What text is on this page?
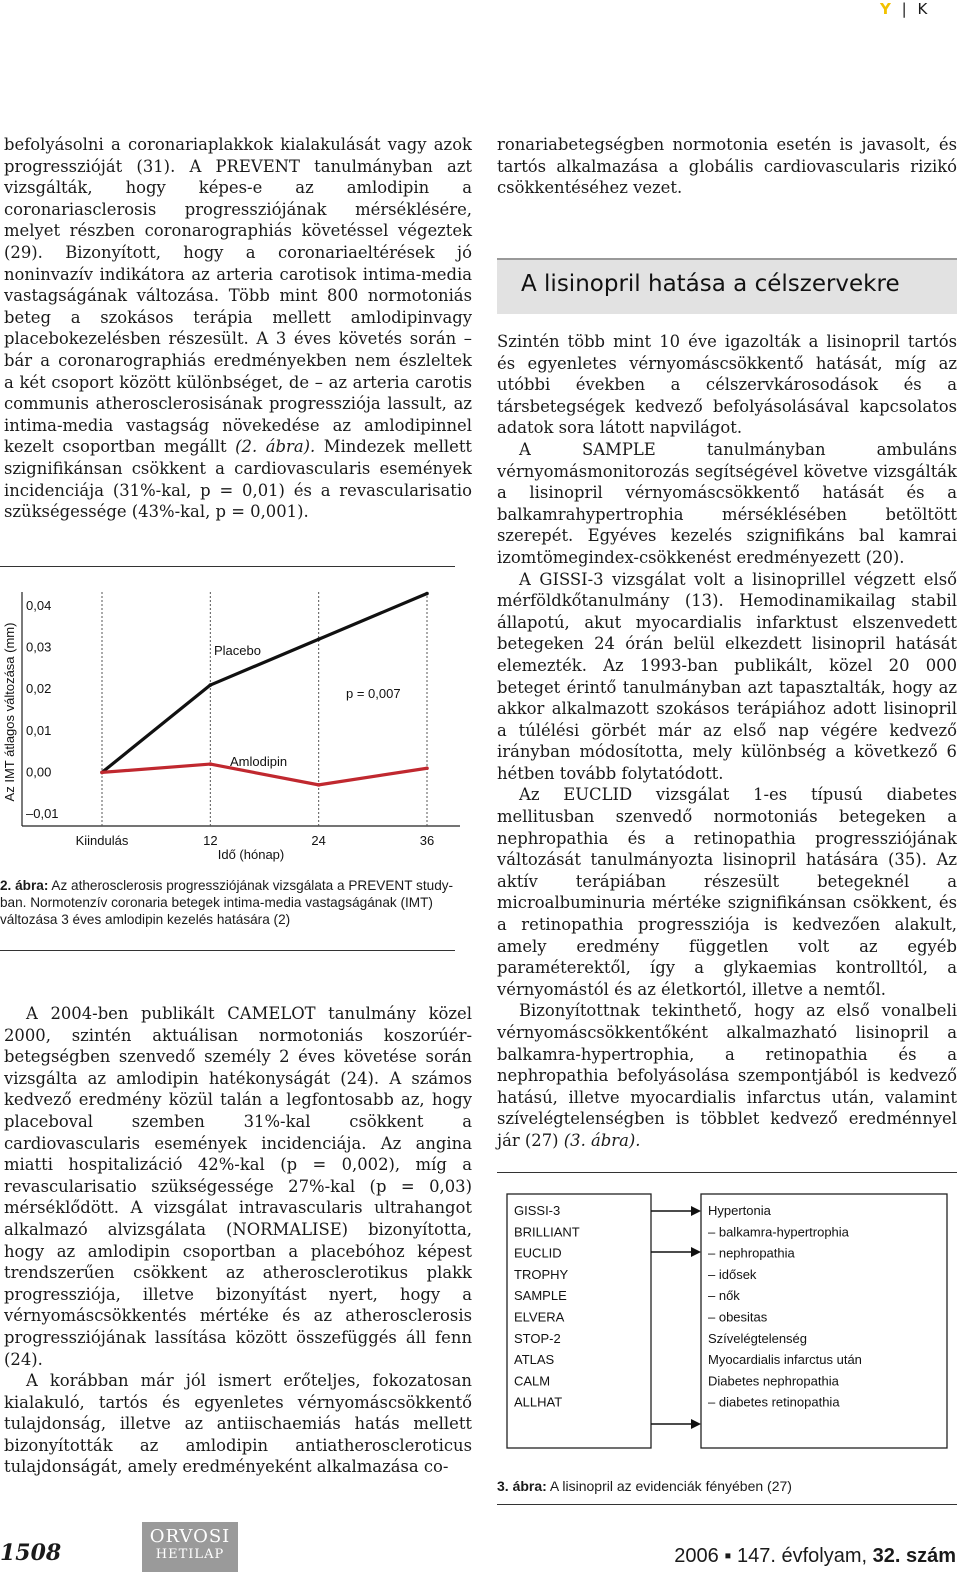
Y | K

befolyásolni a coronariaplakkok kialakulását vagy azok progresszióját (31). A PREVENT tanulmányban azt vizsgálták, hogy képes-e az amlodipin a coronariasclerosis progressziójának mérséklésére, melyet részben coronarographiás követéssel végeztek (29). Bizonyított, hogy a coronariaeltérések jó noninvazív indikátora az arteria carotisok intima-media vastagságának változása. Több mint 800 normotoniás beteg a szokásos terápia mellett amlodipinvagy placebokezelésben részesült. A 3 éves követés során – bár a coronarographiás eredményekben nem észleltek a két csoport között különbséget, de – az arteria carotis communis atherosclerosisának progressziója lassult, az intima-media vastagság növekedése az amlodipinnel kezelt csoportban megállt (2. ábra). Mindezek mellett szignifikánsan csökkent a cardiovascularis események incidenciája (31%-kal, p = 0,01) és a revascularisatio szükségessége (43%-kal, p = 0,001).

0,04
0,03
0,02
0,01
0,00
–0,01
Az IMT átlagos változása (mm)
Kiindulás	12	24	36
Idő (hónap)
Placebo
Amlodipin
p = 0,007
2. ábra: Az atherosclerosis progressziójának vizsgálata a PREVENT study-ban. Normotenzív coronaria betegek intima-media vastagságának (IMT) változása 3 éves amlodipin kezelés hatására (2)

A 2004-ben publikált CAMELOT tanulmány közel 2000, szintén aktuálisan normotoniás koszorúér-betegségben szenvedő személy 2 éves követése során vizsgálta az amlodipin hatékonyságát (24). A számos kedvező eredmény közül talán a legfontosabb az, hogy placeboval szemben 31%-kal csökkent a cardiovascularis események incidenciája. Az angina miatti hospitalizáció 42%-kal (p = 0,002), míg a revascularisatio szükségessége 27%-kal (p = 0,03) mérséklődött. A vizsgálat intravascularis ultrahangot alkalmazó alvizsgálata (NORMALISE) bizonyította, hogy az amlodipin csoportban a placebóhoz képest trendszerűen csökkent az atherosclerotikus plakk progressziója, illetve bizonyítást nyert, hogy a vérnyomáscsökkentés mértéke és az atherosclerosis progressziójának lassítása között összefüggés áll fenn (24).

A korábban már jól ismert erőteljes, fokozatosan kialakuló, tartós és egyenletes vérnyomáscsökkentő tulajdonság, illetve az antiischaemiás hatás mellett bizonyították az amlodipin antiatheroscleroticus tulajdonságát, amely eredményeként alkalmazása co-

ronariabetegségben normotonia esetén is javasolt, és tartós alkalmazása a globális cardiovascularis rizikó csökkentéséhez vezet.

A lisinopril hatása a célszervekre

Szintén több mint 10 éve igazolták a lisinopril tartós és egyenletes vérnyomáscsökkentő hatását, míg az utóbbi években a célszervkárosodások és a társbetegségek kedvező befolyásolásával kapcsolatos adatok sora látott napvilágot.

A SAMPLE tanulmányban ambuláns vérnyomásmonitorozás segítségével követve vizsgálták a lisinopril vérnyomáscsökkentő hatását és a balkamrahypertrophia mérséklésében betöltött szerepét. Egyéves kezelés szignifikáns bal kamrai izomtömegindex-csökkenést eredményezett (20).

A GISSI-3 vizsgálat volt a lisinoprillel végzett első mérföldkőtanulmány (13). Hemodinamikailag stabil állapotú, akut myocardialis infarktust elszenvedett betegeken 24 órán belül elkezdett lisinopril hatását elemezték. Az 1993-ban publikált, közel 20 000 beteget érintő tanulmányban azt tapasztalták, hogy az akkor alkalmazott szokásos terápiához adott lisinopril a túlélési görbét már az első nap végére kedvező irányban módosította, mely különbség a következő 6 hétben tovább folytatódott.

Az EUCLID vizsgálat 1-es típusú diabetes mellitusban szenvedő normotoniás betegeken a nephropathia és a retinopathia progressziójának változását tanulmányozta lisinopril hatására (35). Az aktív terápiában részesült betegeknél a microalbuminuria mértéke szignifikánsan csökkent, és a retinopathia progressziója is kedvezően alakult, amely eredmény független volt az egyéb paraméterektől, így a glykaemias kontrolltól, a vérnyomástól és az életkortól, illetve a nemtől.

Bizonyítottnak tekinthető, hogy az első vonalbeli vérnyomáscsökkentőként alkalmazható lisinopril a balkamra-hypertrophia, a retinopathia és a nephropathia befolyásolása szempontjából is kedvező hatású, illetve myocardialis infarctus után, valamint szívelégtelenségben is többlet kedvező eredménnyel jár (27) (3. ábra).

GISSI-3
BRILLIANT
EUCLID
TROPHY
SAMPLE
ELVERA
STOP-2
ATLAS
CALM
ALLHAT
Hypertonia
– balkamra-hypertrophia
– nephropathia
– idősek
– nők
– obesitas
Szívelégtelenség
Myocardialis infarctus után
Diabetes nephropathia
– diabetes retinopathia
3. ábra: A lisinopril az evidenciák fényében (27)
1508
ORVOSI
HETILAP	2006 ▪ 147. évfolyam, 32. szám
